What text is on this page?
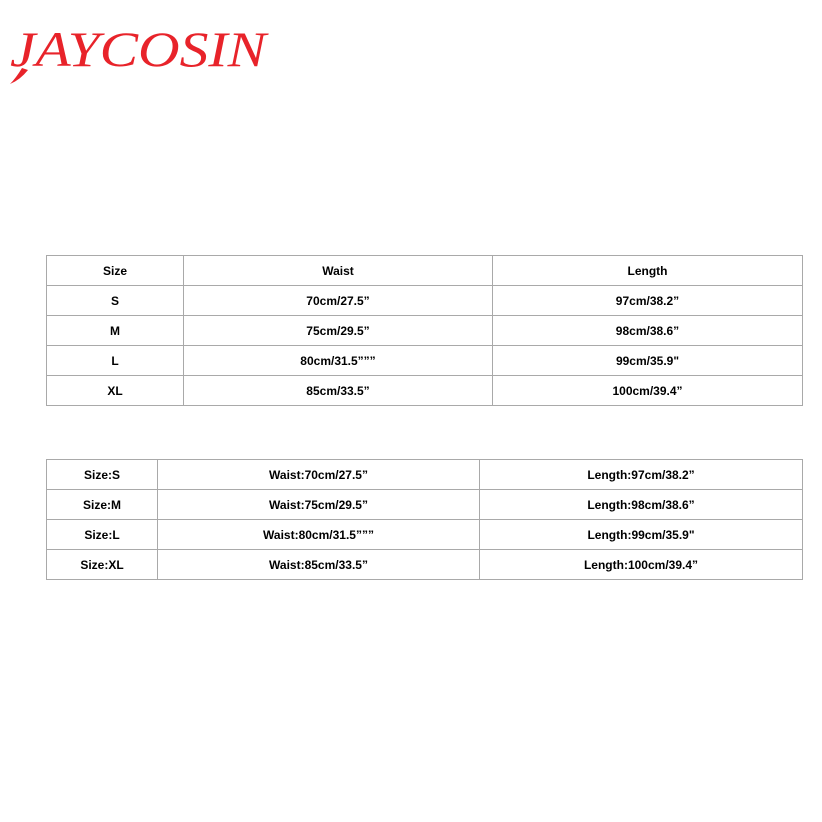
JAYCOSIN
Size	Waist	Length
S	70cm/27.5”	97cm/38.2”
M	75cm/29.5”	98cm/38.6”
L	80cm/31.5”””	99cm/35.9"
XL	85cm/33.5”	100cm/39.4”
Size:S	Waist:70cm/27.5”	Length:97cm/38.2”
Size:M	Waist:75cm/29.5”	Length:98cm/38.6”
Size:L	Waist:80cm/31.5”””	Length:99cm/35.9"
Size:XL	Waist:85cm/33.5”	Length:100cm/39.4”
